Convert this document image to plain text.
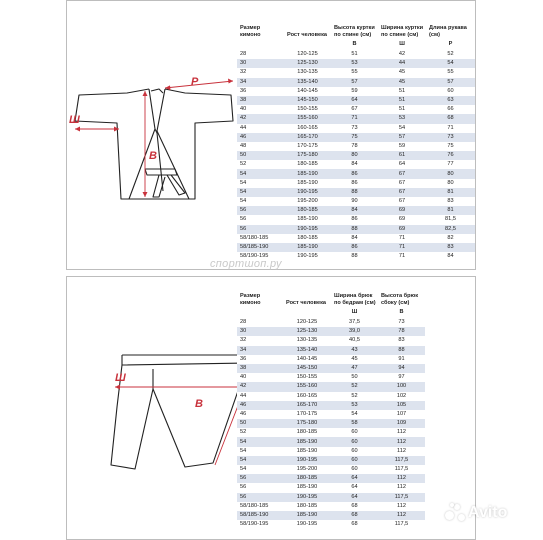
P
Ш
В
Размер кимоно	Рост человека	Высота куртки по спине (см)	Ширина куртки по спине (см)	Длина рукава (см)
		В	Ш	Р
28	120-125	51	42	52
30	125-130	53	44	54
32	130-135	55	45	55
34	135-140	57	45	57
36	140-145	59	51	60
38	145-150	64	51	63
40	150-155	67	51	66
42	155-160	71	53	68
44	160-165	73	54	71
46	165-170	75	57	73
48	170-175	78	59	75
50	175-180	80	61	76
52	180-185	84	64	77
54	185-190	86	67	80
54	185-190	86	67	80
54	190-195	88	67	81
54	195-200	90	67	83
56	180-185	84	69	81
56	185-190	86	69	81,5
56	190-195	88	69	82,5
58/180-185	180-185	84	71	82
58/185-190	185-190	86	71	83
58/190-195	190-195	88	71	84
спортшоп.ру
Ш
В
Размер кимоно	Рост человека	Ширина брюк по бедрам (см)	Высота брюк сбоку (см)
		Ш	В
28	120-125	37,5	73
30	125-130	39,0	78
32	130-135	40,5	83
34	135-140	43	88
36	140-145	45	91
38	145-150	47	94
40	150-155	50	97
42	155-160	52	100
44	160-165	52	102
46	165-170	53	105
46	170-175	54	107
50	175-180	58	109
52	180-185	60	112
54	185-190	60	112
54	185-190	60	112
54	190-195	60	117,5
54	195-200	60	117,5
56	180-185	64	112
56	185-190	64	112
56	190-195	64	117,5
58/180-185	180-185	68	112
58/185-190	185-190	68	112
58/190-195	190-195	68	117,5
Avito
